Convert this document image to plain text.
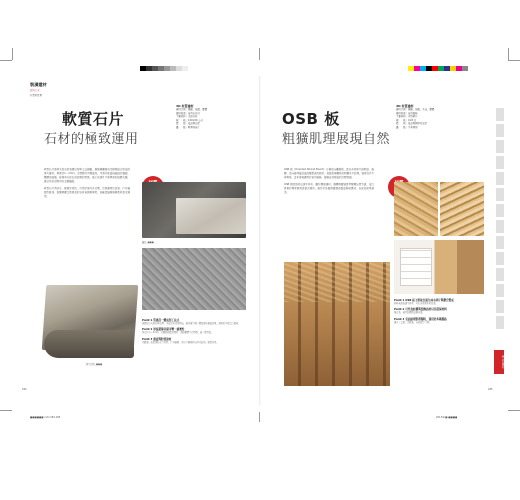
裝潢建材
百科大全
石膏材質類
軟質石片
石材的極致運用
3D 材質建材
適用空間｜牆面、地面、櫃體
適用用途｜室內外皆可
主要材料｜天然石材
規　　格｜120×60 公分
價　　格｜依品牌而定
優　　點｜輕薄易施工
軟質石片是將天然石材表層以特殊工法剝離，與玻璃纖維布及樹脂結合而成的薄片建材，厚度約1～2mm，重量輕且具彎曲性，可裁切並直接黏貼於牆面、櫃體或曲面，能保有天然石材紋理的質感，施工快速且不需繁複的結構支撐，適合作為空間中的主題牆面。
軟質石片具防水、耐候等特性，可用於室內外空間，也常運用於浴室、戶外牆面等區域。挑選時應注意產品的石材來源與厚度，並確認黏著劑與底材是否適用。
圖片提供_■■■
攝影_■■■
Point 1 質感佳一體成形工法式
表面保有天然石材紋理，可依需求裁切拼接，施作後呈現一體成形的視覺效果，適用於多種設計風格。
Point 2 厚度超薄具備可彎一確實性
厚度約 1～2mm，可彎曲貼覆於圓柱、弧形櫃體等造型面，施工彈性高。
Point 3 溫度與防裂建材
具耐溫、防裂與防水等特性，戶外牆面、浴室等潮濕區域皆可使用，維護容易。
184
OSB 板
粗獷肌理展現自然
3D 材質建材
適用空間｜牆面、地面、天花、櫃體
適用用途｜室內裝修
主要材料｜木質碎片
規　　格｜4×8 尺
價　　格｜依品牌與厚度而定
優　　點｜不易變形
OSB 板（Oriented Strand Board）又稱定向纖維板，是以木材碎片經乾燥、施膠、定向排列後高溫高壓製成的板材，表面呈現獨特的粗獷木片紋理，強度高且不易變形，近年常被運用於室內裝修，展現自然原始的空間氛圍。
OSB 板因取材自速生林木，屬於環保建材。選購時應留意甲醛釋出量等級，並注意板材厚度與用途是否相符。施作於地面時建議表面塗佈保護漆，以延長使用壽命。
Point 1 OSB 板主要取自速生林木碎片與膠合製成
材料來源為速生林木，可有效利用木材資源。
Point 2 可作為結構與裝飾面材以及環保材料
強度高，兼具結構與裝飾功能。
Point 3 表面紋理肌理獨特，運用於多種風格
適合工業風、北歐風、自然風等空間。
3D 材質建材
185
■■■■■■ indd 184-185	2013/2/■ ■■■■
